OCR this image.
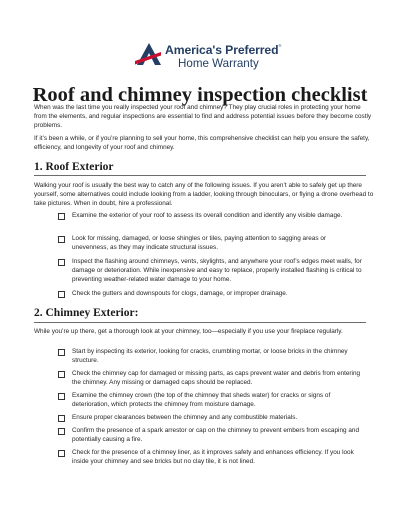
America's Preferred®
Home Warranty
Roof and chimney inspection checklist
When was the last time you really inspected your roof and chimney? They play crucial roles in protecting your home from the elements, and regular inspections are essential to find and address potential issues before they become costly problems.
If it’s been a while, or if you’re planning to sell your home, this comprehensive checklist can help you ensure the safety, efficiency, and longevity of your roof and chimney.
1. Roof Exterior
Walking your roof is usually the best way to catch any of the following issues. If you aren’t able to safely get up there yourself, some alternatives could include looking from a ladder, looking through binoculars, or flying a drone overhead to take pictures. When in doubt, hire a professional.
Examine the exterior of your roof to assess its overall condition and identify any visible damage.
Look for missing, damaged, or loose shingles or tiles, paying attention to sagging areas or unevenness, as they may indicate structural issues.
Inspect the flashing around chimneys, vents, skylights, and anywhere your roof’s edges meet walls, for damage or deterioration. While inexpensive and easy to replace, properly installed flashing is critical to preventing weather-related water damage to your home.
Check the gutters and downspouts for clogs, damage, or improper drainage.
2. Chimney Exterior:
While you’re up there, get a thorough look at your chimney, too—especially if you use your fireplace regularly.
Start by inspecting its exterior, looking for cracks, crumbling mortar, or loose bricks in the chimney structure.
Check the chimney cap for damaged or missing parts, as caps prevent water and debris from entering the chimney. Any missing or damaged caps should be replaced.
Examine the chimney crown (the top of the chimney that sheds water) for cracks or signs of deterioration, which protects the chimney from moisture damage.
Ensure proper clearances between the chimney and any combustible materials.
Confirm the presence of a spark arrestor or cap on the chimney to prevent embers from escaping and potentially causing a fire.
Check for the presence of a chimney liner, as it improves safety and enhances efficiency. If you look inside your chimney and see bricks but no clay tile, it is not lined.
